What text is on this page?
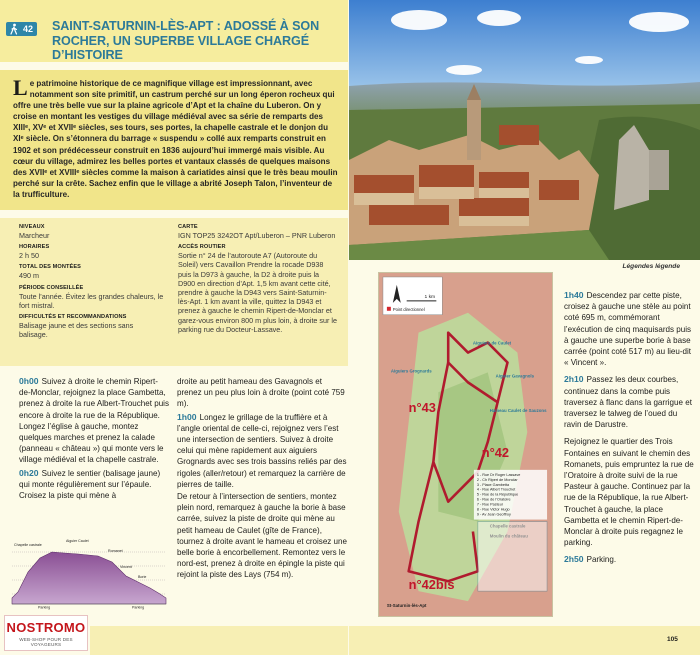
42 SAINT-SATURNIN-LÈS-APT : ADOSSÉ À SON ROCHER, UN SUPERBE VILLAGE CHARGÉ D’HISTOIRE

Le patrimoine historique de ce magnifique village est impressionnant, avec notamment son site primitif, un castrum perché sur un long éperon rocheux qui offre une très belle vue sur la plaine agricole d’Apt et la chaîne du Luberon. On y croise en montant les vestiges du village médiéval avec sa série de remparts des XIIIᵉ, XVᵉ et XVIIᵉ siècles, ses tours, ses portes, la chapelle castrale et le donjon du XIᵉ siècle. On s’étonnera du barrage « suspendu » collé aux remparts construit en 1902 et son prédécesseur construit en 1836 aujourd’hui immergé mais visible. Au cœur du village, admirez les belles portes et vantaux classés de quelques maisons des XVIIᵉ et XVIIIᵉ siècles comme la maison à cariatides ainsi que le très beau moulin perché sur la crête. Sachez enfin que le village a abrité Joseph Talon, l’inventeur de la trufficulture.

NIVEAUX
Marcheur
HORAIRES
2 h 50
TOTAL DES MONTÉES
490 m
PÉRIODE CONSEILLÉE
Toute l’année. Évitez les grandes chaleurs, le fort mistral.
DIFFICULTÉS ET RECOMMANDATIONS
Balisage jaune et des sections sans balisage.
CARTE
IGN TOP25 3242OT Apt/Luberon – PNR Luberon
ACCÈS ROUTIER
Sortie n° 24 de l’autoroute A7 (Autoroute du Soleil) vers Cavaillon Prendre la rocade D938 puis la D973 à gauche, la D2 à droite puis la D900 en direction d’Apt. 1,5 km avant cette cité, prendre à gauche la D943 vers Saint-Saturnin-lès-Apt. 1 km avant la ville, quittez la D943 et prenez à gauche le chemin Ripert-de-Monclar et garez-vous environ 800 m plus loin, à droite sur le parking rue du Docteur-Lassave.

0h00 Suivez à droite le chemin Ripert-de-Monclar, rejoignez la place Gambetta, prenez à droite la rue Albert-Trouchet puis encore à droite la rue de la République. Longez l’église à gauche, montez quelques marches et prenez la calade (panneau « château ») qui monte vers le village médiéval et la chapelle castrale.

0h20 Suivez le sentier (balisage jaune) qui monte régulièrement sur l’épaule. Croisez la piste qui mène à

Chapelle castrale
Aiguier Caulet
Romanet
Vincent
Borie
Parking	Parking

droite au petit hameau des Gavagnols et prenez un peu plus loin à droite (point coté 759 m).

1h00 Longez le grillage de la truffière et à l’angle oriental de celle-ci, rejoignez vers l’est une intersection de sentiers. Suivez à droite celui qui mène rapidement aux aiguiers Grognards avec ses trois bassins reliés par des rigoles (aller/retour) et remarquez la carrière de pierres de taille.

De retour à l’intersection de sentiers, montez plein nord, remarquez à gauche la borie à base carrée, suivez la piste de droite qui mène au petit hameau de Caulet (gîte de France), tournez à droite avant le hameau et croisez une belle borie à encorbellement. Remontez vers le nord-est, prenez à droite en épingle la piste qui rejoint la piste des Lays (754 m).

NOSTROMO
WEB-SHOP POUR DES VOYAGEURS
Légendes légende
1 km
Point directionnel
n°43
n°42
n°42bis
Aiguiers de Caulet
Aiguier Gavagnols
Aiguiers Grognards
Hameau Caulet de Sauzons
St-Saturnin-lès-Apt
1 - Rue Dr Roger Lassave
2 - Ch Ripert de Monclar
3 - Place Gambetta
4 - Rue Albert Trouchet
5 - Rue de la République
6 - Rue de l’Oratoire
7 - Rue Pasteur
8 - Rue Victor Hugo
9 - Av Jean Geoffroy

1h40 Descendez par cette piste, croisez à gauche une stèle au point coté 695 m, commémorant l’exécution de cinq maquisards puis à gauche une superbe borie à base carrée (point coté 517 m) au lieu-dit « Vincent ».

2h10 Passez les deux courbes, continuez dans la combe puis traversez à flanc dans la garrigue et traversez le talweg de l’oued du ravin de Darustre.

Rejoignez le quartier des Trois Fontaines en suivant le chemin des Romanets, puis empruntez la rue de l’Oratoire à droite suivi de la rue Pasteur à gauche. Continuez par la rue de la République, la rue Albert-Trouchet à gauche, la place Gambetta et le chemin Ripert-de-Monclar à droite puis regagnez le parking.

2h50 Parking.

105
